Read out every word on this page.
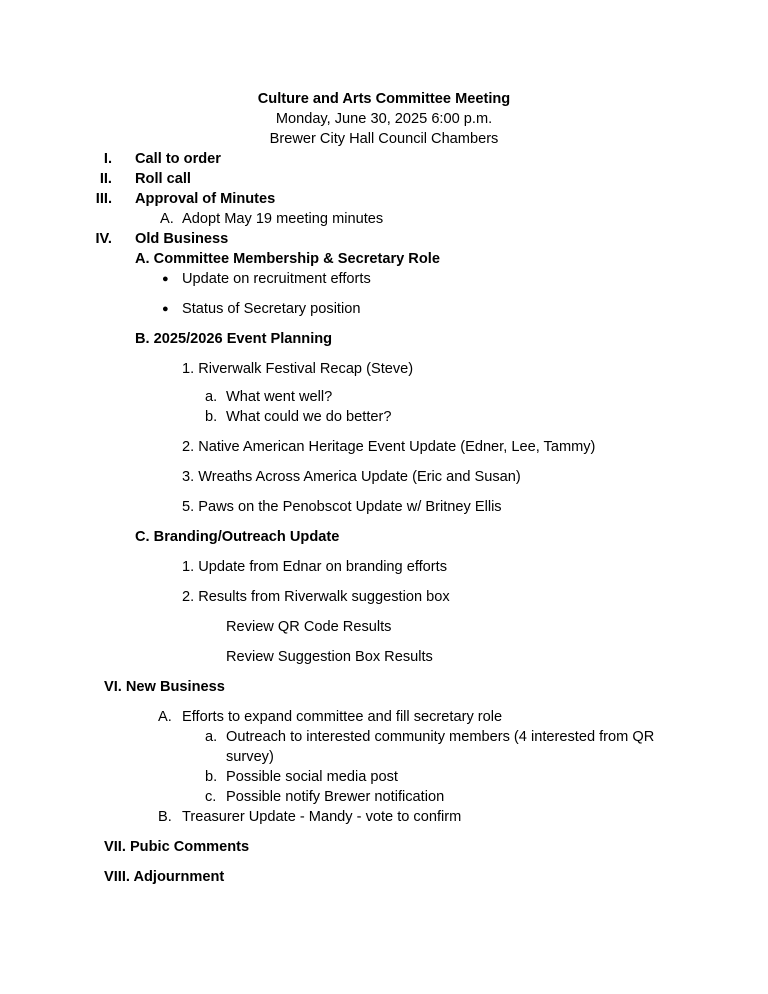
Culture and Arts Committee Meeting
Monday, June 30, 2025 6:00 p.m.
Brewer City Hall Council Chambers
I. Call to order
II. Roll call
III. Approval of Minutes
A. Adopt May 19 meeting minutes
IV. Old Business
A. Committee Membership & Secretary Role
● Update on recruitment efforts
● Status of Secretary position
B. 2025/2026 Event Planning
1. Riverwalk Festival Recap (Steve)
a. What went well?
b. What could we do better?
2. Native American Heritage Event Update (Edner, Lee, Tammy)
3. Wreaths Across America Update (Eric and Susan)
5. Paws on the Penobscot Update w/ Britney Ellis
C. Branding/Outreach Update
1. Update from Ednar on branding efforts
2. Results from Riverwalk suggestion box
Review QR Code Results
Review Suggestion Box Results
VI. New Business
A. Efforts to expand committee and fill secretary role
a. Outreach to interested community members (4 interested from QR
survey)
b. Possible social media post
c. Possible notify Brewer notification
B. Treasurer Update - Mandy - vote to confirm
VII. Pubic Comments
VIII. Adjournment
